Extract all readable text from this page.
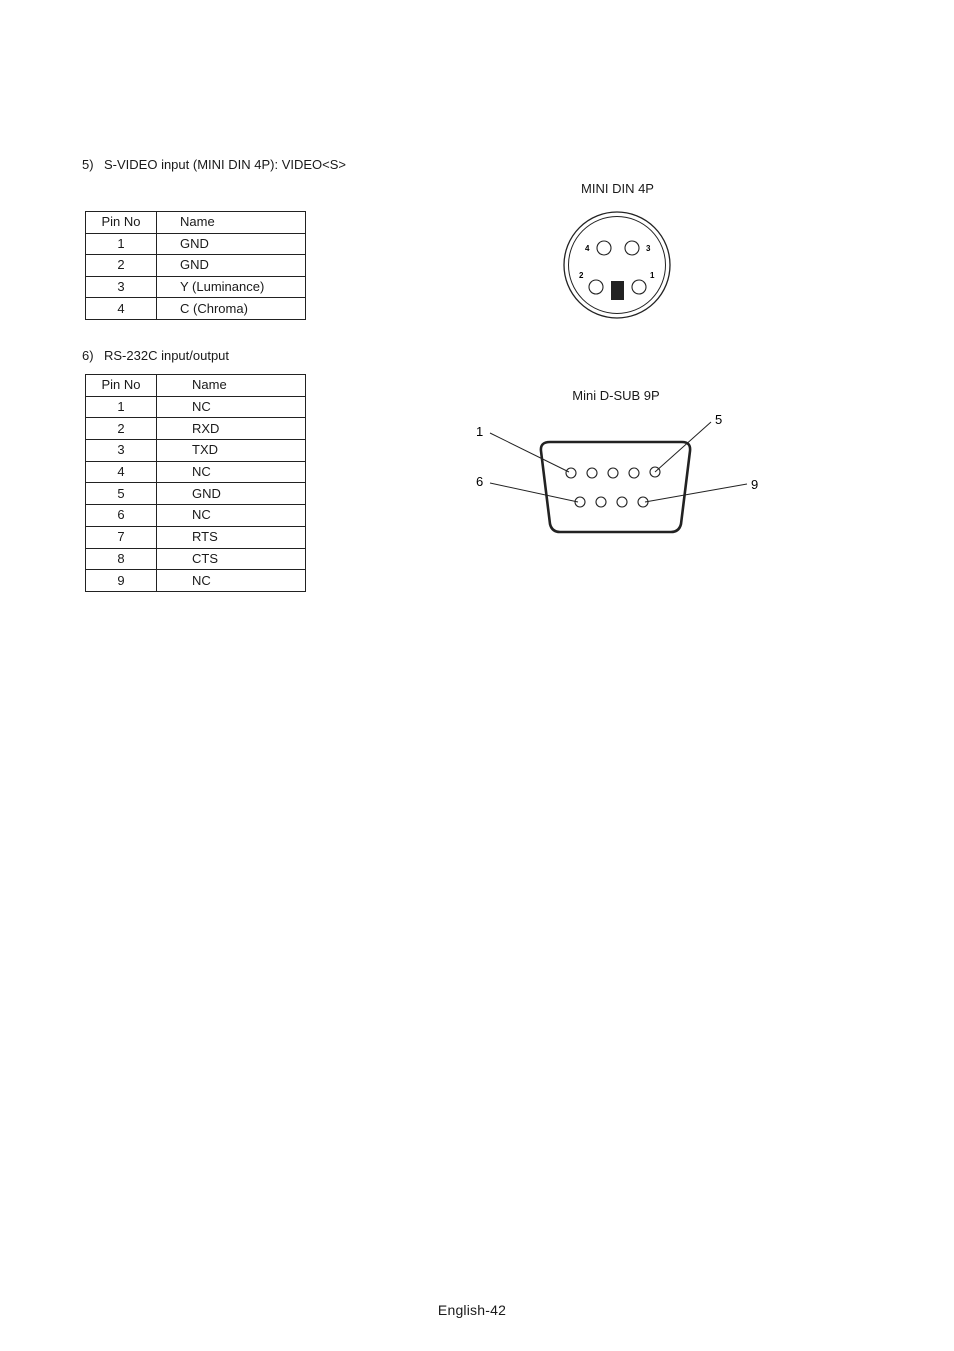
5) S-VIDEO input (MINI DIN 4P): VIDEO<S>
Pin No	Name
1	GND
2	GND
3	Y (Luminance)
4	C (Chroma)
MINI DIN 4P
4	3
2	1
6) RS-232C input/output
Pin No	Name
1	NC
2	RXD
3	TXD
4	NC
5	GND
6	NC
7	RTS
8	CTS
9	NC
Mini D-SUB 9P
1
5
6	9
English-42
